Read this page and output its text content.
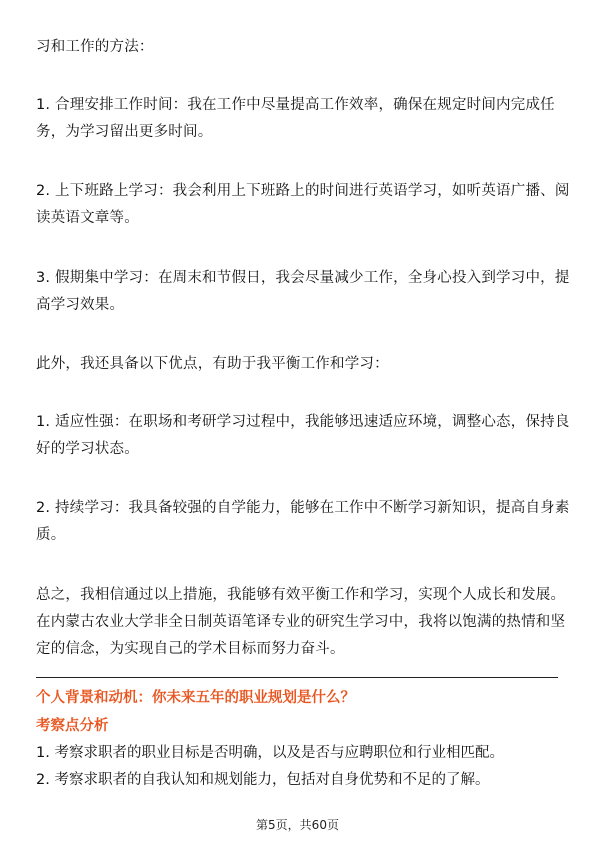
习和工作的方法：

1. 合理安排工作时间：我在工作中尽量提高工作效率，确保在规定时间内完成任
务，为学习留出更多时间。

2. 上下班路上学习：我会利用上下班路上的时间进行英语学习，如听英语广播、阅
读英语文章等。

3. 假期集中学习：在周末和节假日，我会尽量减少工作，全身心投入到学习中，提
高学习效果。

此外，我还具备以下优点，有助于我平衡工作和学习：

1. 适应性强：在职场和考研学习过程中，我能够迅速适应环境，调整心态，保持良
好的学习状态。

2. 持续学习：我具备较强的自学能力，能够在工作中不断学习新知识，提高自身素
质。

总之，我相信通过以上措施，我能够有效平衡工作和学习，实现个人成长和发展。
在内蒙古农业大学非全日制英语笔译专业的研究生学习中，我将以饱满的热情和坚
定的信念，为实现自己的学术目标而努力奋斗。

个人背景和动机：你未来五年的职业规划是什么？
考察点分析

1. 考察求职者的职业目标是否明确，以及是否与应聘职位和行业相匹配。

2. 考察求职者的自我认知和规划能力，包括对自身优势和不足的了解。

第5页，共60页
